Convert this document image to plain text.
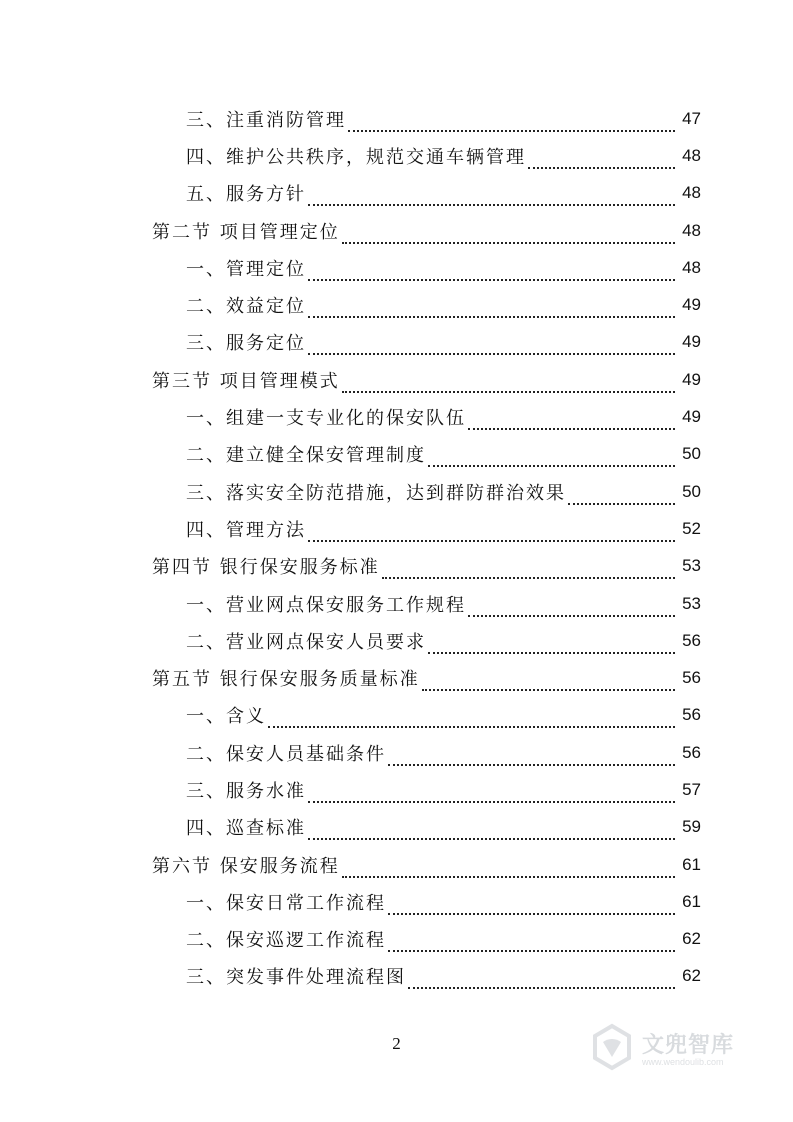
三、注重消防管理	47
四、维护公共秩序，规范交通车辆管理	48
五、服务方针	48
第二节 项目管理定位	48
一、管理定位	48
二、效益定位	49
三、服务定位	49
第三节 项目管理模式	49
一、组建一支专业化的保安队伍	49
二、建立健全保安管理制度	50
三、落实安全防范措施，达到群防群治效果	50
四、管理方法	52
第四节 银行保安服务标准	53
一、营业网点保安服务工作规程	53
二、营业网点保安人员要求	56
第五节 银行保安服务质量标准	56
一、含义	56
二、保安人员基础条件	56
三、服务水准	57
四、巡查标准	59
第六节 保安服务流程	61
一、保安日常工作流程	61
二、保安巡逻工作流程	62
三、突发事件处理流程图	62
2	文兜智库
www.wendoulib.com
